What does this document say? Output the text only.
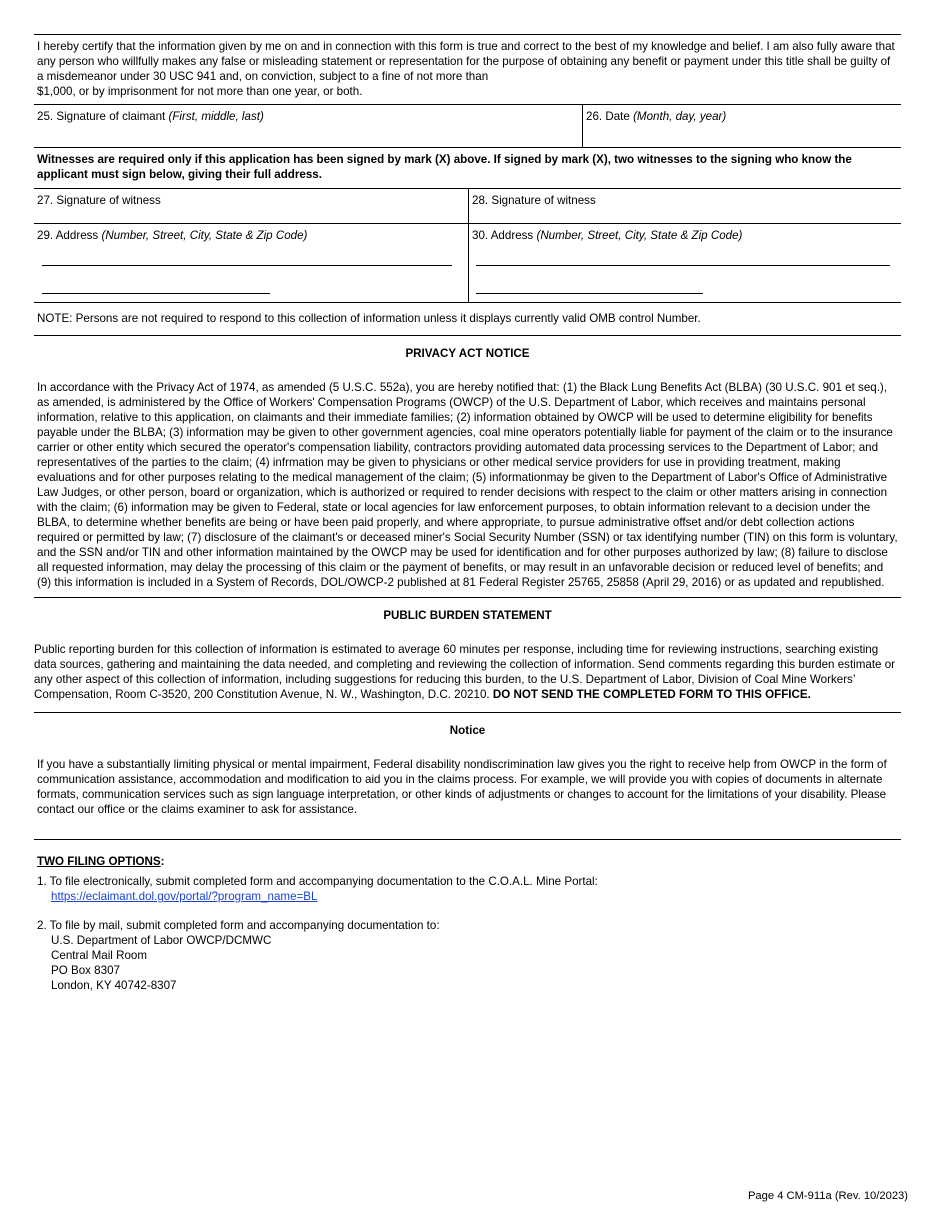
I hereby certify that the information given by me on and in connection with this form is true and correct to the best of my knowledge and belief. I am also fully aware that any person who willfully makes any false or misleading statement or representation for the purpose of obtaining any benefit or payment under this title shall be guilty of a misdemeanor under 30 USC 941 and, on conviction, subject to a fine of not more than
$1,000, or by imprisonment for not more than one year, or both.
25. Signature of claimant (First, middle, last)	26. Date (Month, day, year)
Witnesses are required only if this application has been signed by mark (X) above. If signed by mark (X), two witnesses to the signing who know the applicant must sign below, giving their full address.
27. Signature of witness	28. Signature of witness
29. Address (Number, Street, City, State & Zip Code)	30. Address (Number, Street, City, State & Zip Code)
NOTE: Persons are not required to respond to this collection of information unless it displays currently valid OMB control Number.
PRIVACY ACT NOTICE
In accordance with the Privacy Act of 1974, as amended (5 U.S.C. 552a), you are hereby notified that: (1) the Black Lung Benefits Act (BLBA) (30 U.S.C. 901 et seq.), as amended, is administered by the Office of Workers' Compensation Programs (OWCP) of the U.S. Department of Labor, which receives and maintains personal information, relative to this application, on claimants and their immediate families; (2) information obtained by OWCP will be used to determine eligibility for benefits payable under the BLBA; (3) information may be given to other government agencies, coal mine operators potentially liable for payment of the claim or to the insurance carrier or other entity which secured the operator's compensation liability, contractors providing automated data processing services to the Department of Labor; and representatives of the parties to the claim; (4) infrmation may be given to physicians or other medical service providers for use in providing treatment, making evaluations and for other purposes relating to the medical management of the claim; (5) informationmay be given to the Department of Labor's Office of Administrative Law Judges, or other person, board or organization, which is authorized or required to render decisions with respect to the claim or other matters arising in connection with the claim; (6) information may be given to Federal, state or local agencies for law enforcement purposes, to obtain information relevant to a decision under the BLBA, to determine whether benefits are being or have been paid properly, and where appropriate, to pursue administrative offset and/or debt collection actions required or permitted by law; (7) disclosure of the claimant's or deceased miner's Social Security Number (SSN) or tax identifying number (TIN) on this form is voluntary, and the SSN and/or TIN and other information maintained by the OWCP may be used for identification and for other purposes authorized by law; (8) failure to disclose all requested information, may delay the processing of this claim or the payment of benefits, or may result in an unfavorable decision or reduced level of benefits; and (9) this information is included in a System of Records, DOL/OWCP-2 published at 81 Federal Register 25765, 25858 (April 29, 2016) or as updated and republished.
PUBLIC BURDEN STATEMENT
Public reporting burden for this collection of information is estimated to average 60 minutes per response, including time for reviewing instructions, searching existing data sources, gathering and maintaining the data needed, and completing and reviewing the collection of information. Send comments regarding this burden estimate or any other aspect of this collection of information, including suggestions for reducing this burden, to the U.S. Department of Labor, Division of Coal Mine Workers’ Compensation, Room C-3520, 200 Constitution Avenue, N. W., Washington, D.C. 20210. DO NOT SEND THE COMPLETED FORM TO THIS OFFICE.
Notice
If you have a substantially limiting physical or mental impairment, Federal disability nondiscrimination law gives you the right to receive help from OWCP in the form of communication assistance, accommodation and modification to aid you in the claims process. For example, we will provide you with copies of documents in alternate formats, communication services such as sign language interpretation, or other kinds of adjustments or changes to account for the limitations of your disability. Please contact our office or the claims examiner to ask for assistance.
TWO FILING OPTIONS:
1. To file electronically, submit completed form and accompanying documentation to the C.O.A.L. Mine Portal:
https://eclaimant.dol.gov/portal/?program_name=BL
2. To file by mail, submit completed form and accompanying documentation to:
U.S. Department of Labor OWCP/DCMWC
Central Mail Room
PO Box 8307
London, KY 40742-8307
Page 4 CM-911a (Rev. 10/2023)
